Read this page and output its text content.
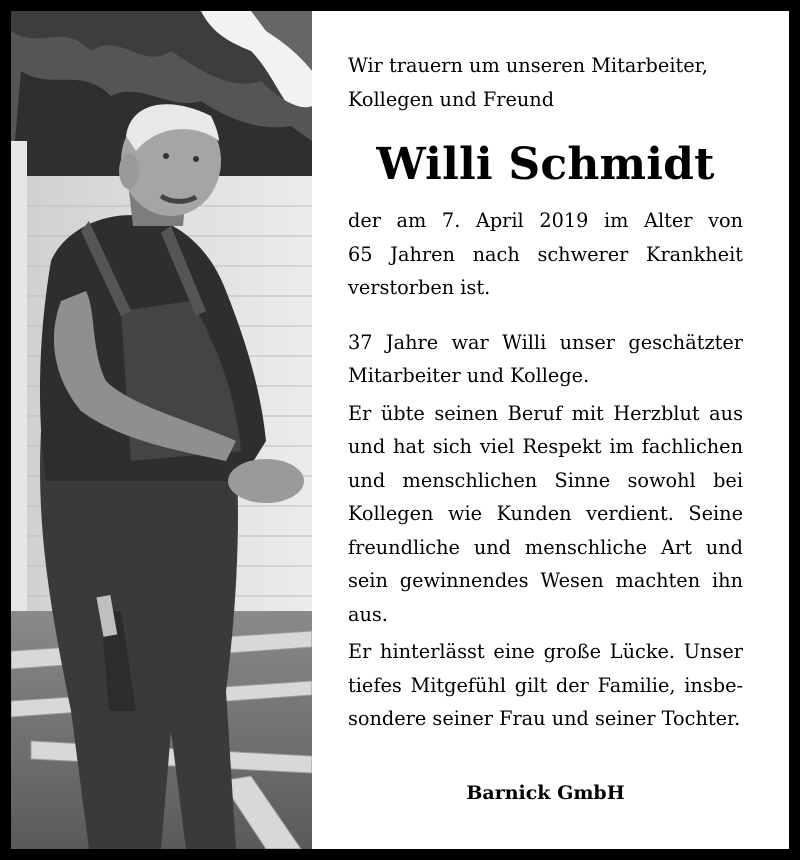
Wir trauern um unseren Mitarbeiter,

Kollegen und Freund

Willi Schmidt

der am 7. April 2019 im Alter von

65 Jahren nach schwerer Krankheit

verstorben ist.

37 Jahre war Willi unser geschätzter

Mitarbeiter und Kollege.

Er übte seinen Beruf mit Herzblut aus

und hat sich viel Respekt im fachlichen

und menschlichen Sinne sowohl bei

Kollegen wie Kunden verdient. Seine

freundliche und menschliche Art und

sein gewinnendes Wesen machten ihn

aus.

Er hinterlässt eine große Lücke. Unser

tiefes Mitgefühl gilt der Familie, insbe-

sondere seiner Frau und seiner Tochter.

Barnick GmbH
